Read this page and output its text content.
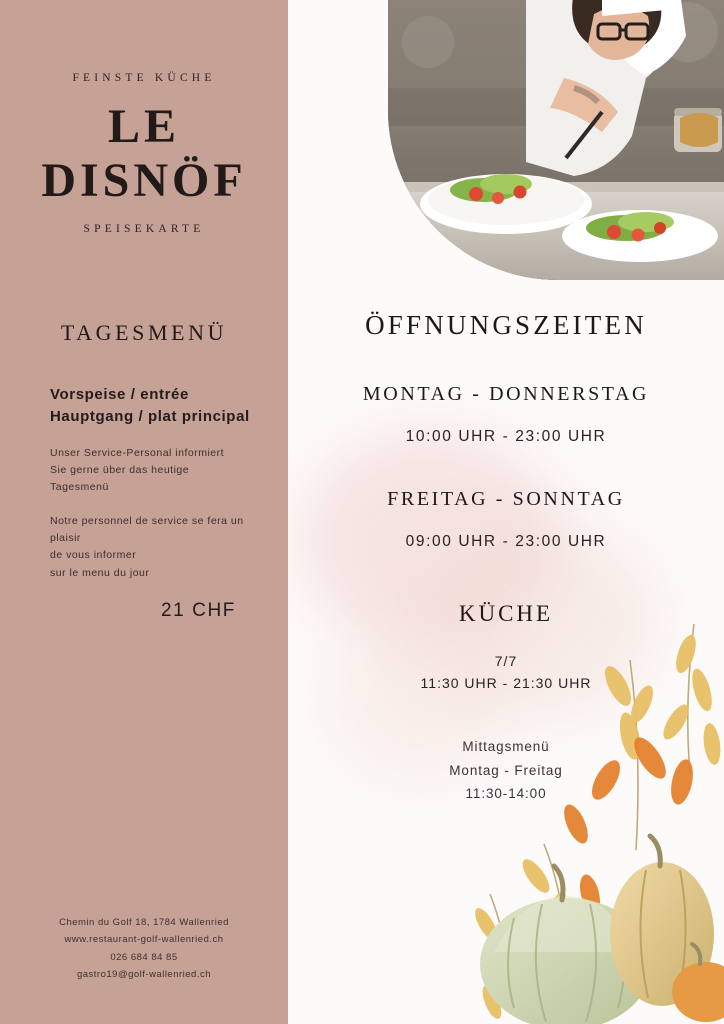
FEINSTE KÜCHE
LE
DISNÖF
SPEISEKARTE
TAGESMENÜ
Vorspeise / entrée
Hauptgang / plat principal
Unser Service-Personal informiert
Sie gerne über das heutige Tagesmenü
Notre personnel de service se fera un plaisir
de vous informer
sur le menu du jour
21 CHF
Chemin du Golf 18, 1784 Wallenried
www.restaurant-golf-wallenried.ch
026 684 84 85
gastro19@golf-wallenried.ch
ÖFFNUNGSZEITEN
MONTAG - DONNERSTAG
10:00 UHR - 23:00 UHR
FREITAG - SONNTAG
09:00 UHR - 23:00 UHR
KÜCHE
7/7
11:30 UHR - 21:30 UHR
Mittagsmenü
Montag - Freitag
11:30-14:00
